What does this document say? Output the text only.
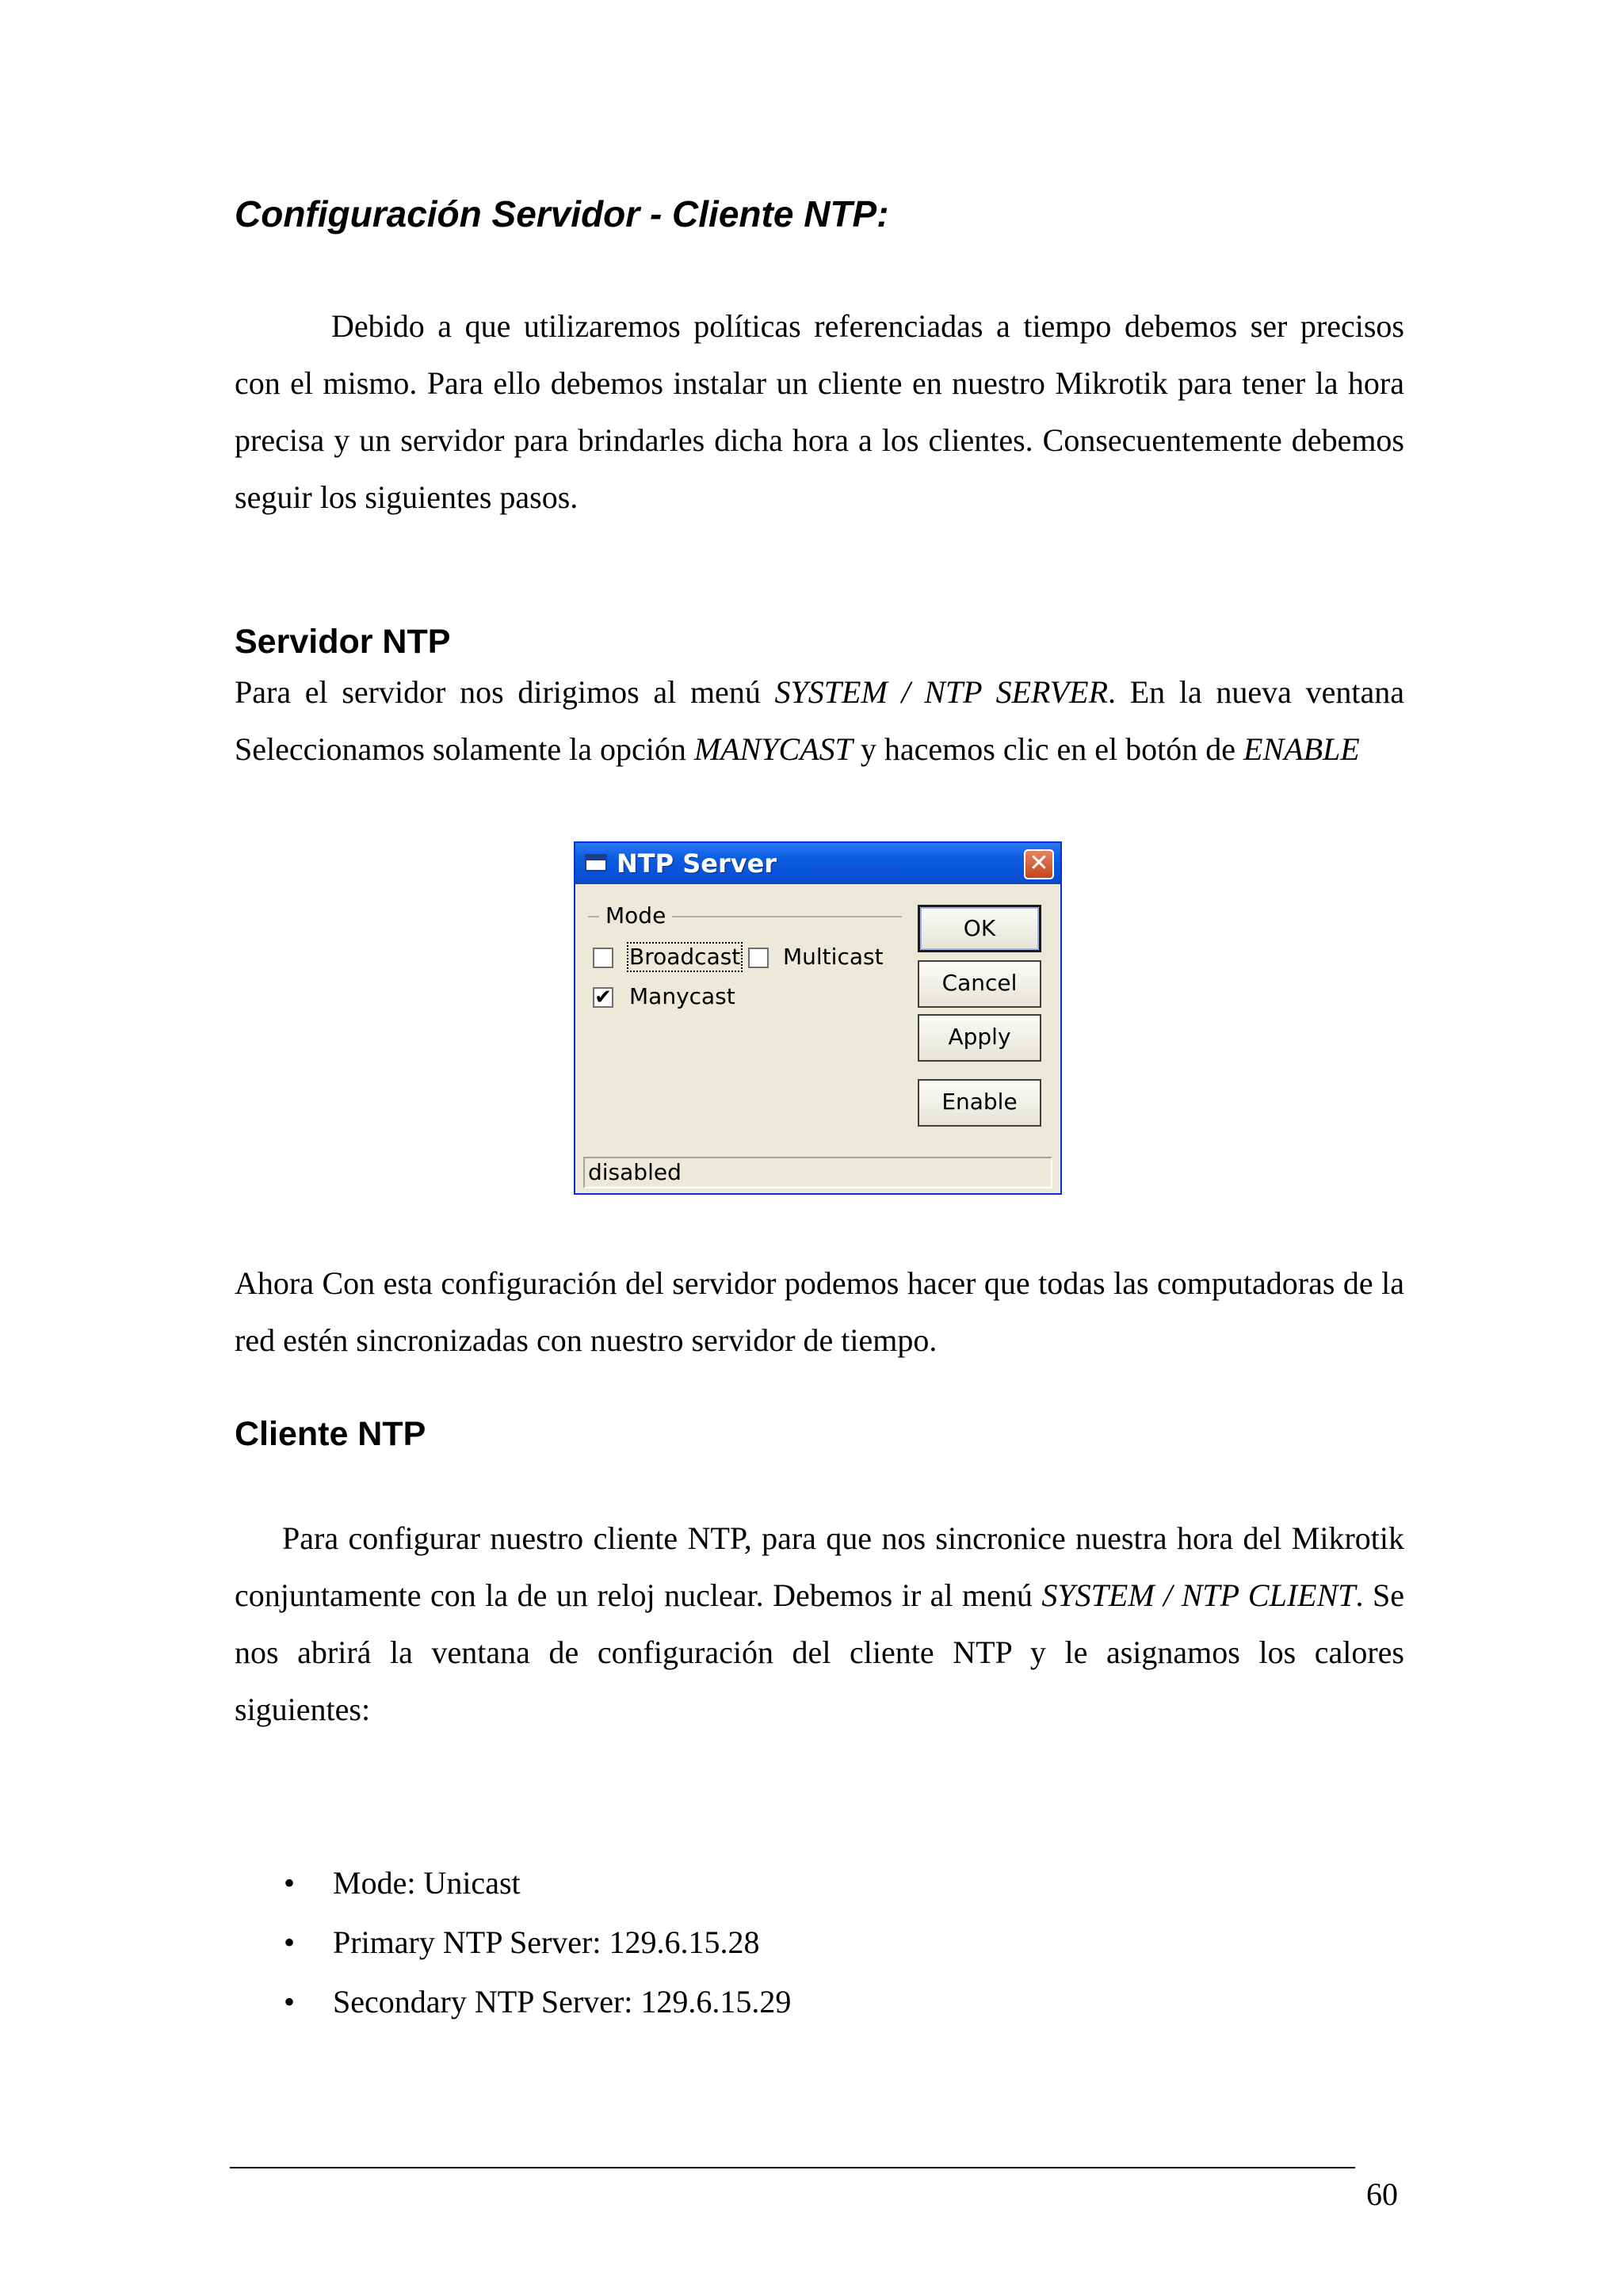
Configuración Servidor - Cliente NTP:
Debido a que utilizaremos políticas referenciadas a tiempo debemos ser precisos con el mismo. Para ello debemos instalar un cliente en nuestro Mikrotik para tener la hora precisa y un servidor para brindarles dicha hora a los clientes. Consecuentemente debemos seguir los siguientes pasos.
Servidor NTP
Para el servidor nos dirigimos al menú SYSTEM / NTP SERVER. En la nueva ventana Seleccionamos solamente la opción MANYCAST y hacemos clic en el botón de ENABLE
NTP Server	✕
Mode
Broadcast Multicast
✔ Manycast
OK
Cancel
Apply
Enable
disabled
Ahora Con esta configuración del servidor podemos hacer que todas las computadoras de la red estén sincronizadas con nuestro servidor de tiempo.
Cliente NTP
Para configurar nuestro cliente NTP, para que nos sincronice nuestra hora del Mikrotik conjuntamente con la de un reloj nuclear. Debemos ir al menú SYSTEM / NTP CLIENT. Se nos abrirá la ventana de configuración del cliente NTP y le asignamos los calores siguientes:
• Mode: Unicast
• Primary NTP Server: 129.6.15.28
• Secondary NTP Server: 129.6.15.29
60
